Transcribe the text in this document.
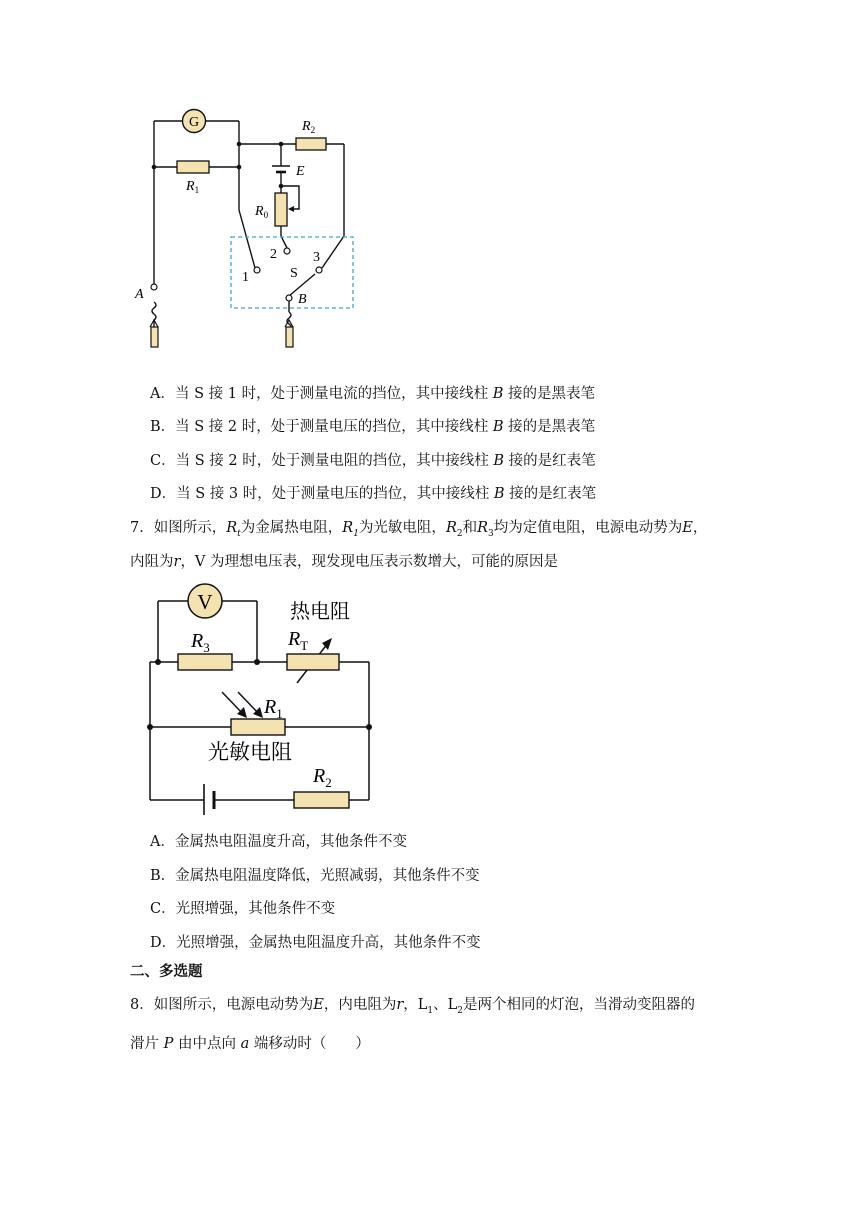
G
$R_1$
$R_2$
E
$R_0$
1
2	3
S
A	B
A．当 S 接 1 时，处于测量电流的挡位，其中接线柱 B 接的是黑表笔
B．当 S 接 2 时，处于测量电压的挡位，其中接线柱 B 接的是黑表笔
C．当 S 接 2 时，处于测量电阻的挡位，其中接线柱 B 接的是红表笔
D．当 S 接 3 时，处于测量电压的挡位，其中接线柱 B 接的是红表笔
7．如图所示，$R_t$为金属热电阻，$R_1$为光敏电阻，$R_2$和$R_3$均为定值电阻，电源电动势为E，
内阻为r，V 为理想电压表，现发现电压表示数增大，可能的原因是
V
$R_3$
热电阻
$R_T$
$R_1$
光敏电阻
$R_2$
A．金属热电阻温度升高，其他条件不变
B．金属热电阻温度降低，光照减弱，其他条件不变
C．光照增强，其他条件不变
D．光照增强，金属热电阻温度升高，其他条件不变
二、多选题
8．如图所示，电源电动势为E，内电阻为r，$L_1$、$L_2$是两个相同的灯泡，当滑动变阻器的
滑片 P 由中点向 a 端移动时（　　）
